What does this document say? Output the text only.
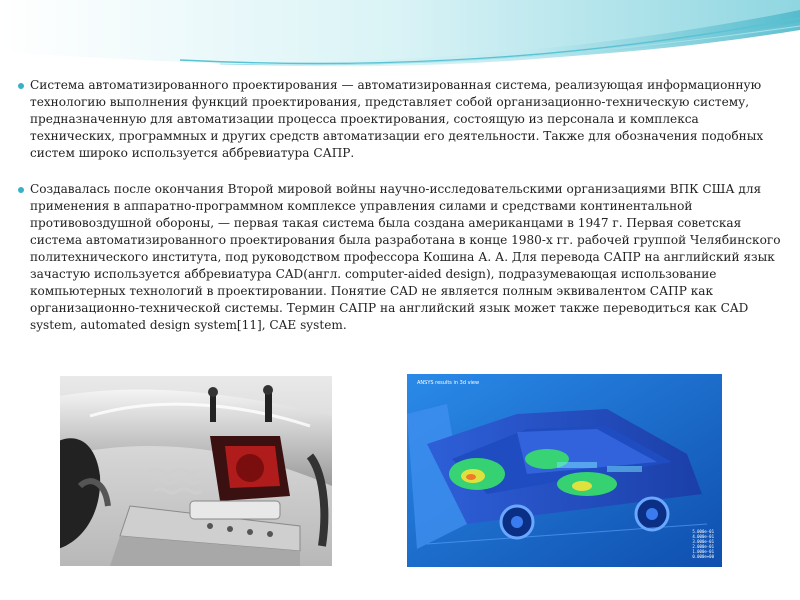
Система автоматизированного проектирования — автоматизированная система, реализующая информационную технологию выполнения функций проектирования, представляет собой организационно-техническую систему, предназначенную для автоматизации процесса проектирования, состоящую из персонала и комплекса технических, программных и других средств автоматизации его деятельности. Также для обозначения подобных систем широко используется аббревиатура САПР.

Создавалась после окончания Второй мировой войны научно-исследовательскими организациями ВПК США для применения в аппаратно-программном комплексе управления силами и средствами континентальной противовоздушной обороны, — первая такая система была создана американцами в 1947 г. Первая советская система автоматизированного проектирования была разработана в конце 1980-х гг. рабочей группой Челябинского политехнического института, под руководством профессора Кошина А. А. Для перевода САПР на английский язык зачастую используется аббревиатура CAD(англ. computer-aided design), подразумевающая использование компьютерных технологий в проектировании. Понятие CAD не является полным эквивалентом САПР как организационно-технической системы. Термин САПР на английский язык может также переводиться как CAD system, automated design system[11], CAE system.

ANSYS results in 3d view
5.000e-01
4.000e-01
3.000e-01
2.000e-01
1.000e-01
0.000e+00
